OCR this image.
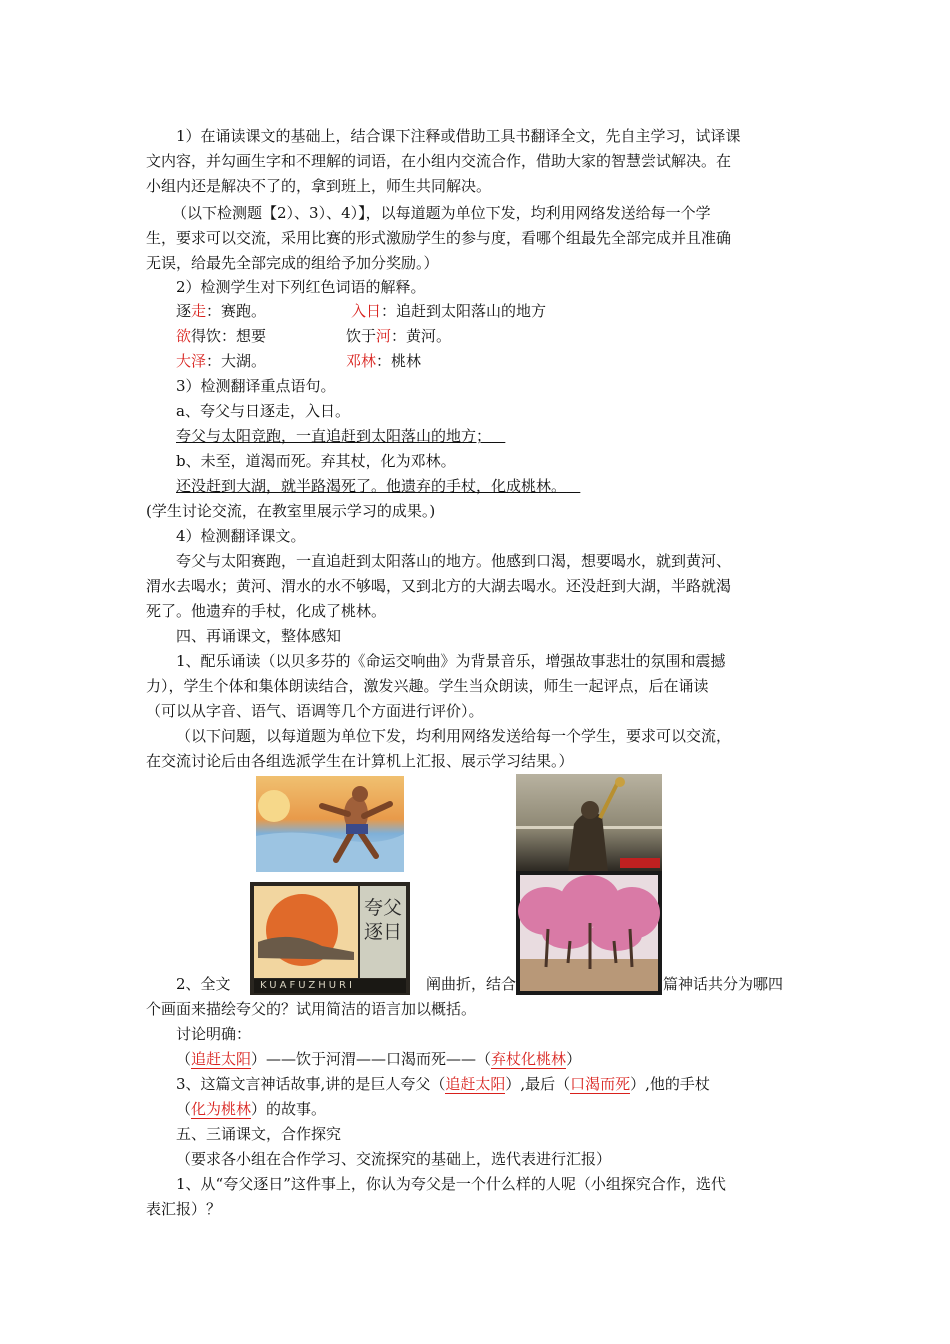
1）在诵读课文的基础上，结合课下注释或借助工具书翻译全文，先自主学习，试译课
文内容，并勾画生字和不理解的词语，在小组内交流合作，借助大家的智慧尝试解决。在
小组内还是解决不了的，拿到班上，师生共同解决。
（以下检测题【2）、3）、4）】，以每道题为单位下发，均利用网络发送给每一个学
生，要求可以交流，采用比赛的形式激励学生的参与度，看哪个组最先全部完成并且准确
无误，给最先全部完成的组给予加分奖励。）
2）检测学生对下列红色词语的解释。
逐走：赛跑。	入日：追赶到太阳落山的地方
欲得饮：想要	饮于河：黄河。
大泽：大湖。	邓林：桃林
3）检测翻译重点语句。
a、夸父与日逐走，入日。
夸父与太阳竞跑，一直追赶到太阳落山的地方；
b、未至，道渴而死。弃其杖，化为邓林。
还没赶到大湖，就半路渴死了。他遗弃的手杖，化成桃林。
(学生讨论交流，在教室里展示学习的成果。)
4）检测翻译课文。
夸父与太阳赛跑，一直追赶到太阳落山的地方。他感到口渴，想要喝水，就到黄河、
渭水去喝水；黄河、渭水的水不够喝，又到北方的大湖去喝水。还没赶到大湖，半路就渴
死了。他遗弃的手杖，化成了桃林。
四、再诵课文，整体感知
1、配乐诵读（以贝多芬的《命运交响曲》为背景音乐，增强故事悲壮的氛围和震撼
力），学生个体和集体朗读结合，激发兴趣。学生当众朗读，师生一起评点，后在诵读
（可以从字音、语气、语调等几个方面进行评价）。
（以下问题，以每道题为单位下发，均利用网络发送给每一个学生，要求可以交流，
在交流讨论后由各组选派学生在计算机上汇报、展示学习结果。）
夸父逐日
KUAFUZHURI
2、全文	阐曲折，结合	篇神话共分为哪四
个画面来描绘夸父的？试用简洁的语言加以概括。
讨论明确：
（追赶太阳）——饮于河渭——口渴而死——（弃杖化桃林）
3、这篇文言神话故事,讲的是巨人夸父（追赶太阳）,最后（口渴而死）,他的手杖
（化为桃林）的故事。
五、三诵课文，合作探究
（要求各小组在合作学习、交流探究的基础上，选代表进行汇报）
1、从“夸父逐日”这件事上，你认为夸父是一个什么样的人呢（小组探究合作，选代
表汇报）？
